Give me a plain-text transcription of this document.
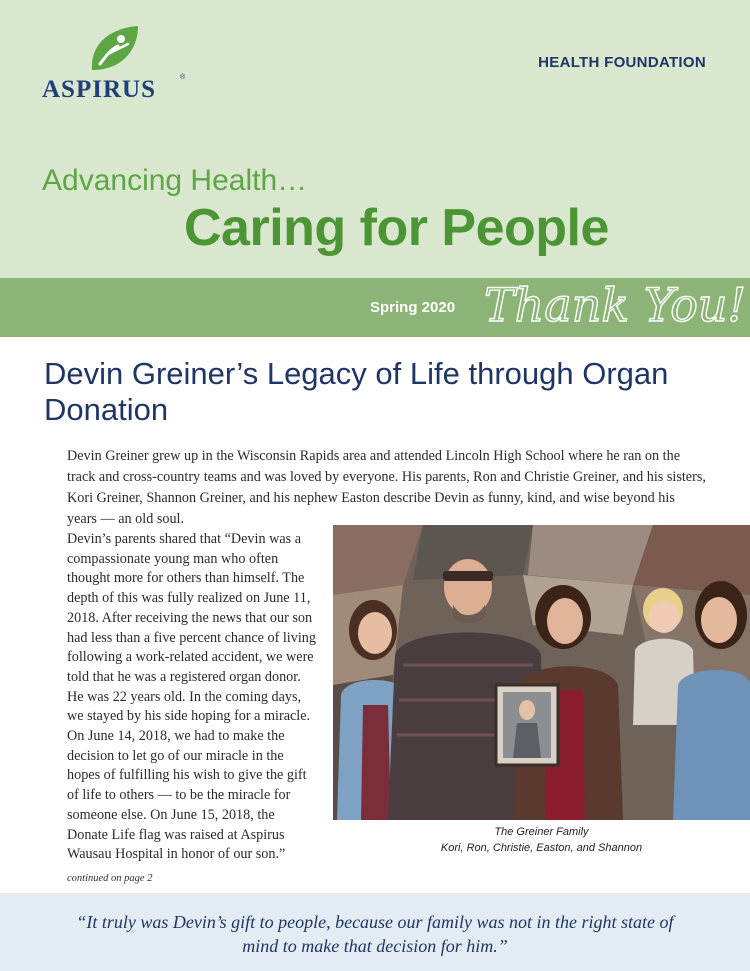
ASPIRUS	®
HEALTH FOUNDATION
Advancing Health…
Caring for People
Spring 2020 Thank You!
Devin Greiner’s Legacy of Life through Organ Donation

Devin Greiner grew up in the Wisconsin Rapids area and attended Lincoln High School where he ran on the track and cross-country teams and was loved by everyone. His parents, Ron and Christie Greiner, and his sisters, Kori Greiner, Shannon Greiner, and his nephew Easton describe Devin as funny, kind, and wise beyond his years — an old soul.

Devin’s parents shared that “Devin was a compassionate young man who often thought more for others than himself. The depth of this was fully realized on June 11, 2018. After receiving the news that our son had less than a five percent chance of living following a work-related accident, we were told that he was a registered organ donor. He was 22 years old. In the coming days, we stayed by his side hoping for a miracle. On June 14, 2018, we had to make the decision to let go of our miracle in the hopes of fulfilling his wish to give the gift of life to others — to be the miracle for someone else. On June 15, 2018, the Donate Life flag was raised at Aspirus Wausau Hospital in honor of our son.”

continued on page 2
The Greiner Family
Kori, Ron, Christie, Easton, and Shannon

“It truly was Devin’s gift to people, because our family was not in the right state of mind to make that decision for him.”
